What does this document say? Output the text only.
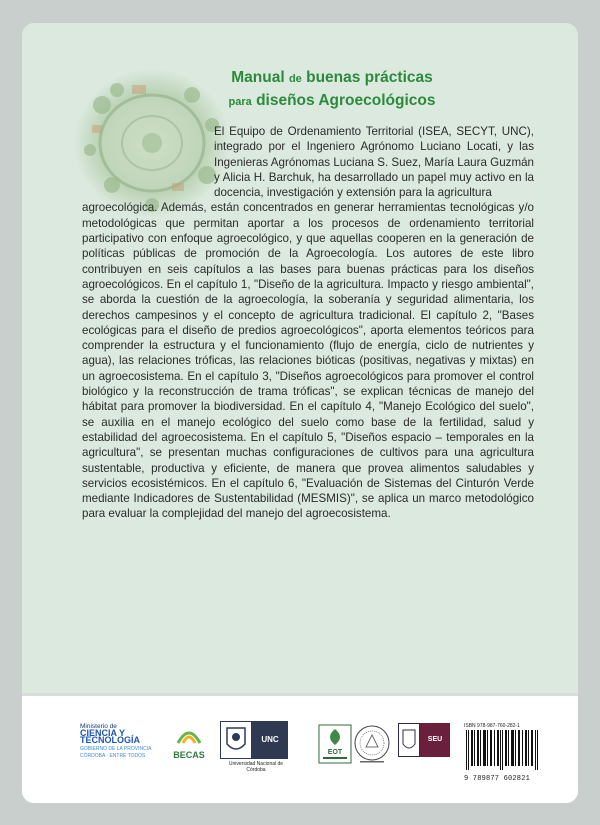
Manual de buenas prácticas
para diseños Agroecológicos
El Equipo de Ordenamiento Territorial (ISEA, SECYT, UNC), integrado por el Ingeniero Agrónomo Luciano Locati, y las Ingenieras Agrónomas Luciana S. Suez, María Laura Guzmán y Alicia H. Barchuk, ha desarrollado un papel muy activo en la docencia, investigación y extensión para la agricultura
agroecológica. Además, están concentrados en generar herramientas tecnológicas y/o metodológicas que permitan aportar a los procesos de ordenamiento territorial participativo con enfoque agroecológico, y que aquellas cooperen en la generación de políticas públicas de promoción de la Agroecología. Los autores de este libro contribuyen en seis capítulos a las bases para buenas prácticas para los diseños agroecológicos. En el capítulo 1, "Diseño de la agricultura. Impacto y riesgo ambiental", se aborda la cuestión de la agroecología, la soberanía y seguridad alimentaria, los derechos campesinos y el concepto de agricultura tradicional. El capítulo 2, "Bases ecológicas para el diseño de predios agroecológicos", aporta elementos teóricos para comprender la estructura y el funcionamiento (flujo de energía, ciclo de nutrientes y agua), las relaciones tróficas, las relaciones bióticas (positivas, negativas y mixtas) en un agroecosistema. En el capítulo 3, "Diseños agroecológicos para promover el control biológico y la reconstrucción de trama tróficas", se explican técnicas de manejo del hábitat para promover la biodiversidad. En el capítulo 4, "Manejo Ecológico del suelo", se auxilia en el manejo ecológico del suelo como base de la fertilidad, salud y estabilidad del agroecosistema. En el capítulo 5, "Diseños espacio – temporales en la agricultura", se presentan muchas configuraciones de cultivos para una agricultura sustentable, productiva y eficiente, de manera que provea alimentos saludables y servicios ecosistémicos. En el capítulo 6, "Evaluación de Sistemas del Cinturón Verde mediante Indicadores de Sustentabilidad (MESMIS)", se aplica un marco metodológico para evaluar la complejidad del manejo del agroecosistema.
Ministerio de
CIENCIA Y TECNOLOGÍA
GOBIERNO DE LA PROVINCIA CÓRDOBA · ENTRE TODOS	BECAS
UNC
Universidad Nacional de Córdoba
EOT
SEU
ISBN 978-987-760-282-1
9 789877 602821
